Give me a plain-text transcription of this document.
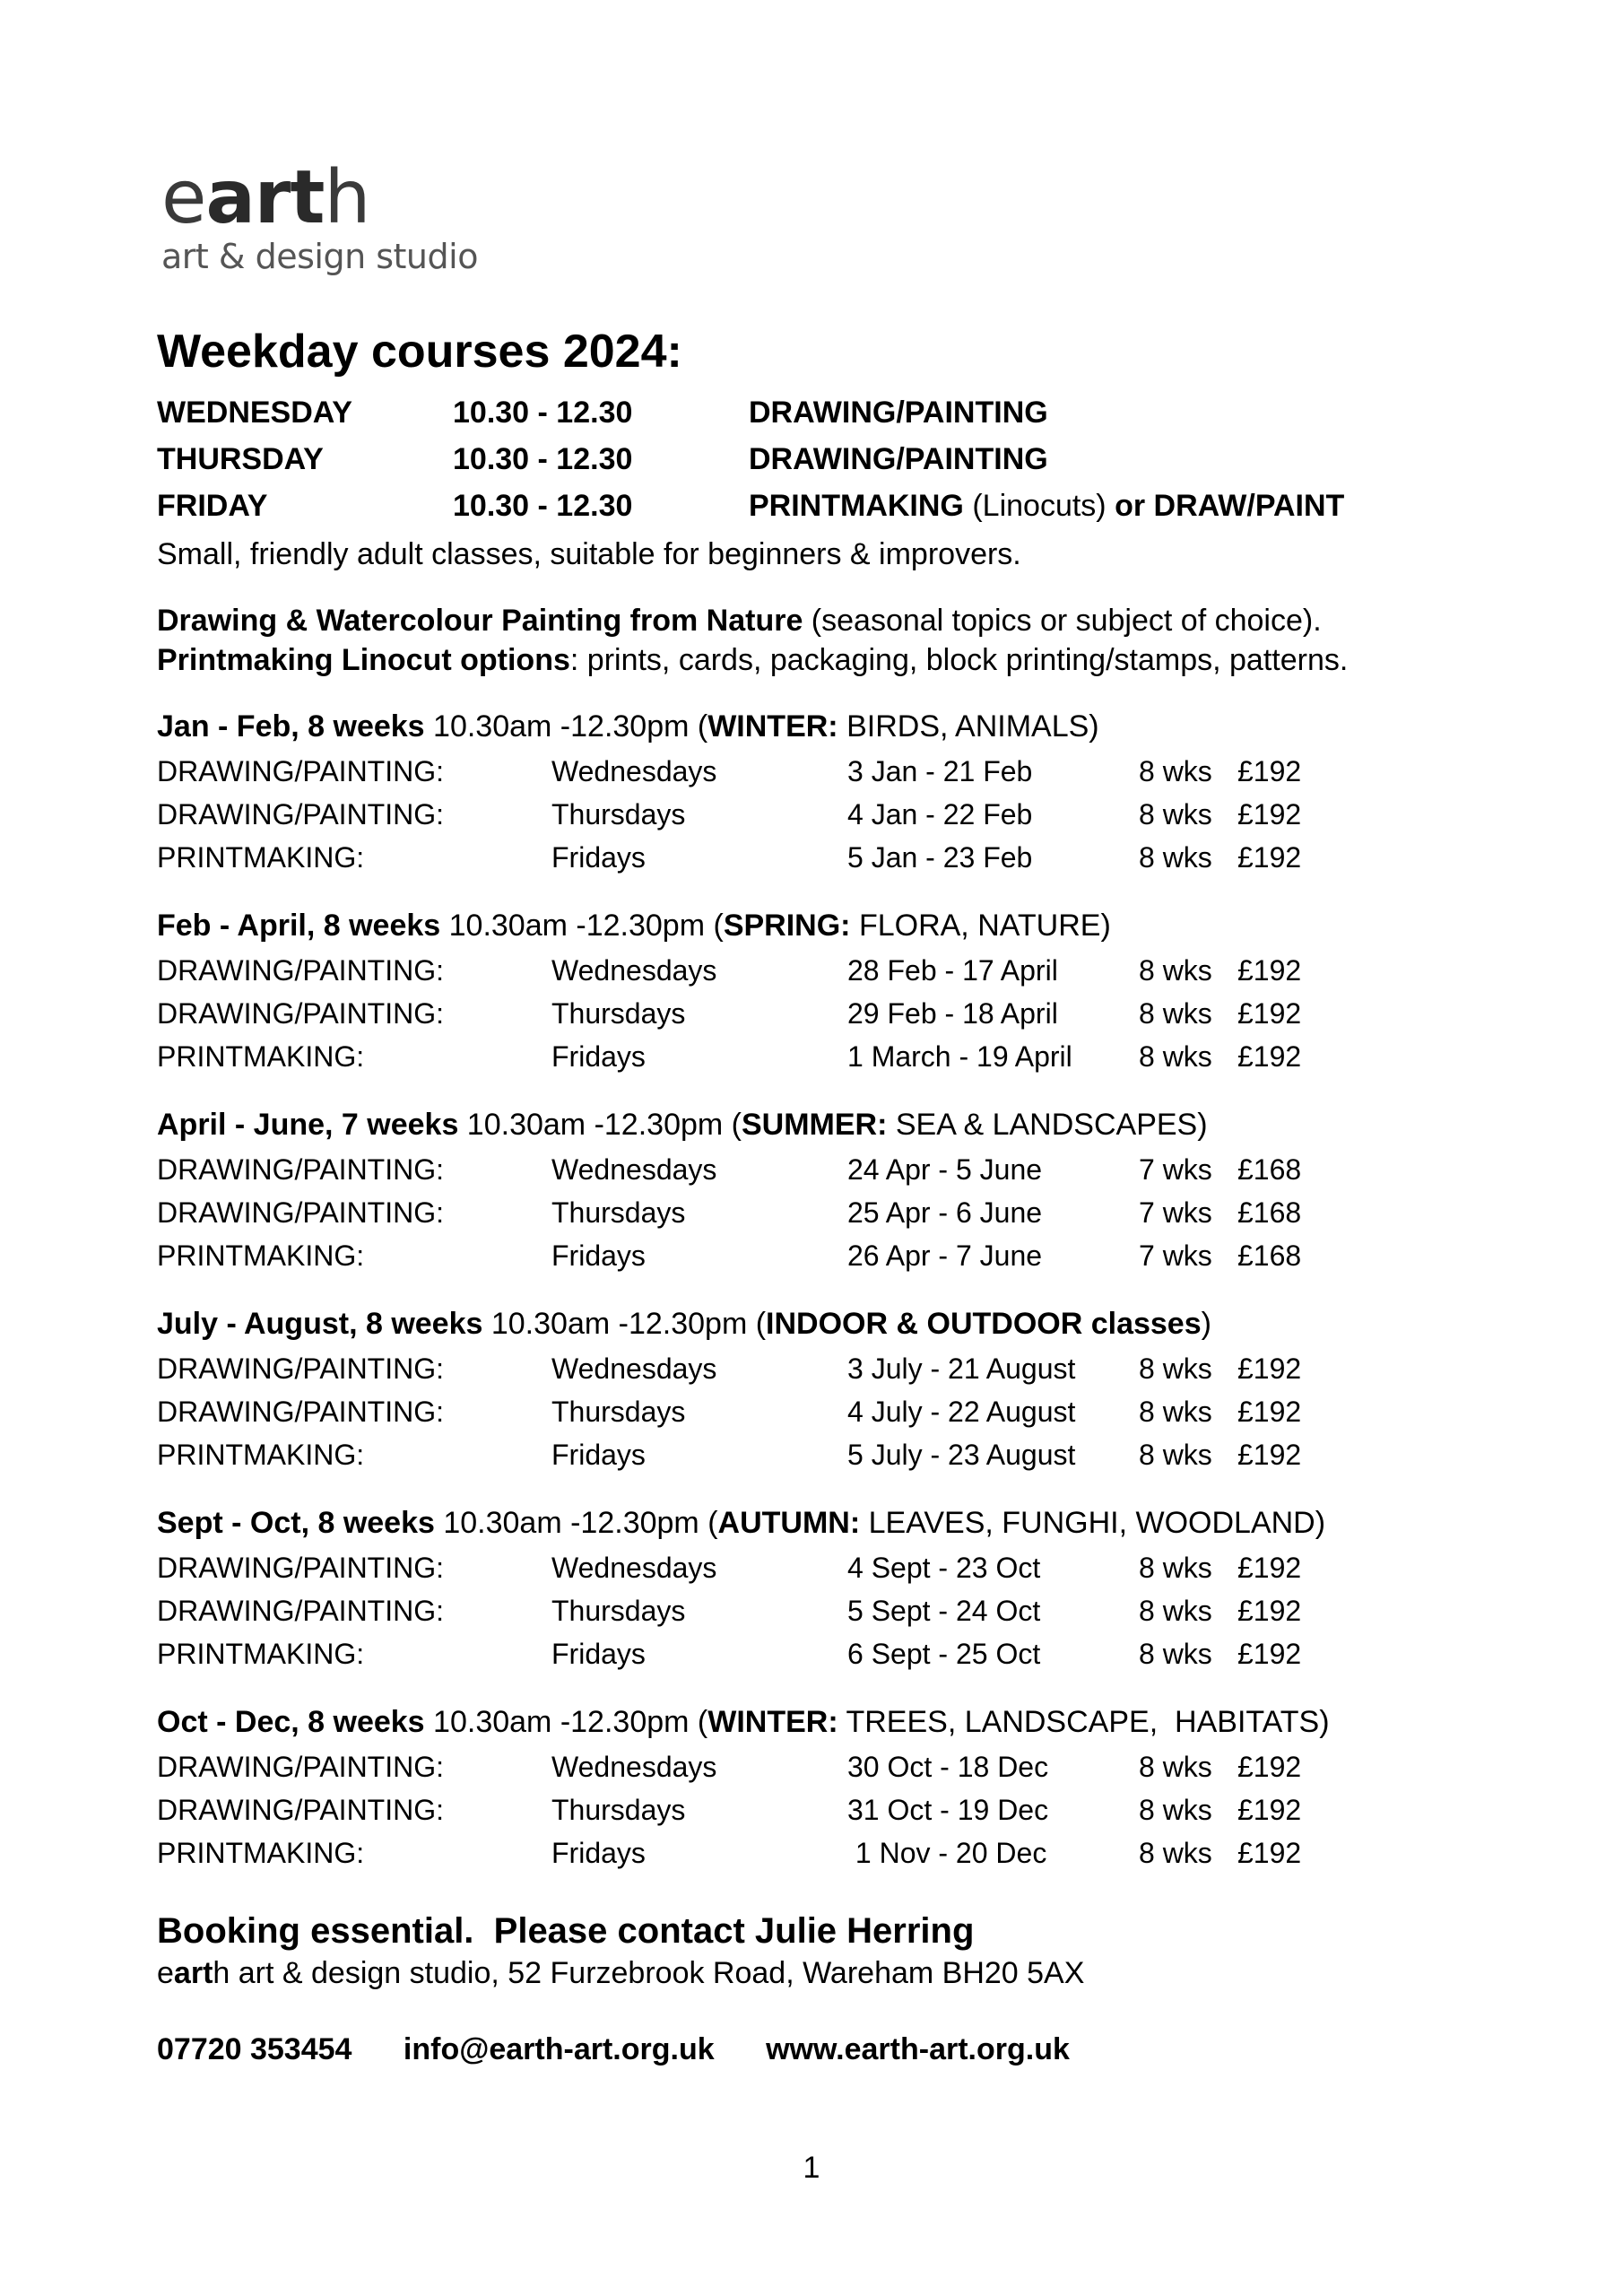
earth
art & design studio
Weekday courses 2024:
WEDNESDAY	10.30 - 12.30	DRAWING/PAINTING
THURSDAY	10.30 - 12.30	DRAWING/PAINTING
FRIDAY	10.30 - 12.30	PRINTMAKING (Linocuts) or DRAW/PAINT
Small, friendly adult classes, suitable for beginners & improvers.
Drawing & Watercolour Painting from Nature (seasonal topics or subject of choice).
Printmaking Linocut options: prints, cards, packaging, block printing/stamps, patterns.
Jan - Feb, 8 weeks 10.30am -12.30pm (WINTER: BIRDS, ANIMALS)
DRAWING/PAINTING:	Wednesdays	3 Jan - 21 Feb	8 wks £192
DRAWING/PAINTING:	Thursdays	4 Jan - 22 Feb	8 wks £192
PRINTMAKING:	Fridays	5 Jan - 23 Feb	8 wks £192
Feb - April, 8 weeks 10.30am -12.30pm (SPRING: FLORA, NATURE)
DRAWING/PAINTING:	Wednesdays	28 Feb - 17 April	8 wks £192
DRAWING/PAINTING:	Thursdays	29 Feb - 18 April	8 wks £192
PRINTMAKING:	Fridays	1 March - 19 April 8 wks £192
April - June, 7 weeks 10.30am -12.30pm (SUMMER: SEA & LANDSCAPES)
DRAWING/PAINTING:	Wednesdays	24 Apr - 5 June	7 wks £168
DRAWING/PAINTING:	Thursdays	25 Apr - 6 June	7 wks £168
PRINTMAKING:	Fridays	26 Apr - 7 June	7 wks £168
July - August, 8 weeks 10.30am -12.30pm (INDOOR & OUTDOOR classes)
DRAWING/PAINTING:	Wednesdays	3 July - 21 August 8 wks £192
DRAWING/PAINTING:	Thursdays	4 July - 22 August 8 wks £192
PRINTMAKING:	Fridays	5 July - 23 August 8 wks £192
Sept - Oct, 8 weeks 10.30am -12.30pm (AUTUMN: LEAVES, FUNGHI, WOODLAND)
DRAWING/PAINTING:	Wednesdays	4 Sept - 23 Oct	8 wks £192
DRAWING/PAINTING:	Thursdays	5 Sept - 24 Oct	8 wks £192
PRINTMAKING:	Fridays	6 Sept - 25 Oct	8 wks £192
Oct - Dec, 8 weeks 10.30am -12.30pm (WINTER: TREES, LANDSCAPE,  HABITATS)
DRAWING/PAINTING:	Wednesdays	30 Oct - 18 Dec	8 wks £192
DRAWING/PAINTING:	Thursdays	31 Oct - 19 Dec	8 wks £192
PRINTMAKING:	Fridays	1 Nov - 20 Dec	8 wks £192
Booking essential.  Please contact Julie Herring
earth art & design studio, 52 Furzebrook Road, Wareham BH20 5AX
07720 353454 info@earth-art.org.uk www.earth-art.org.uk
1
